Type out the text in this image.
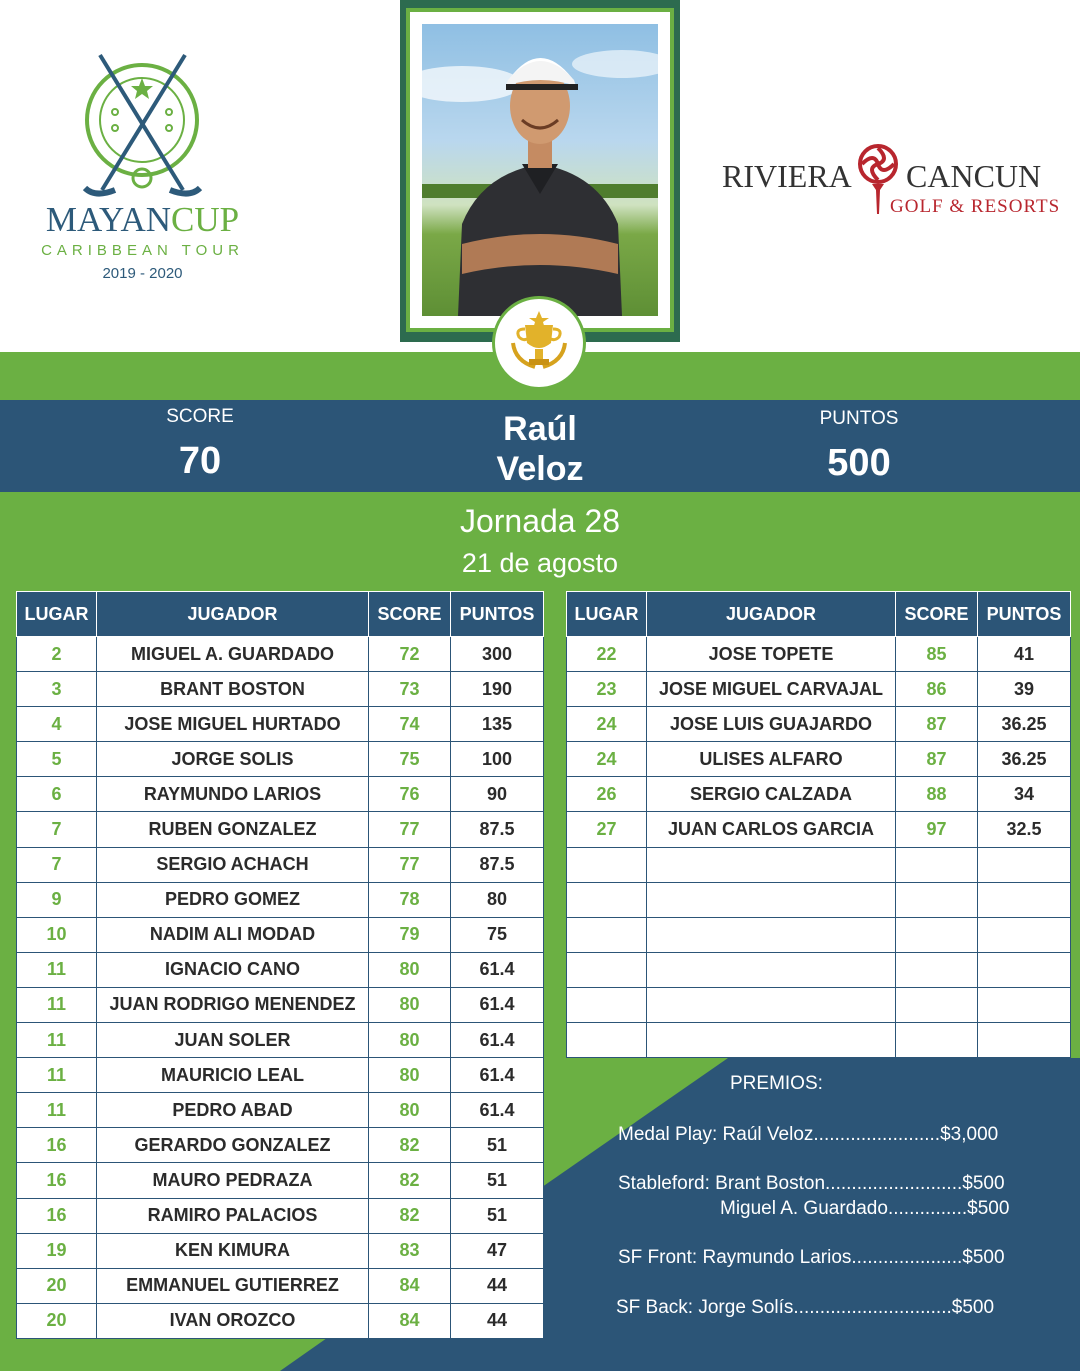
MAYANCUP
CARIBBEAN TOUR
2019 - 2020
RIVIERA CANCUN
GOLF & RESORTS
SCORE
70
Raúl
Veloz
PUNTOS
500
Jornada 28
21 de agosto
LUGAR	JUGADOR	SCORE	PUNTOS
2	MIGUEL A. GUARDADO	72	300
3	BRANT BOSTON	73	190
4	JOSE MIGUEL HURTADO	74	135
5	JORGE SOLIS	75	100
6	RAYMUNDO LARIOS	76	90
7	RUBEN GONZALEZ	77	87.5
7	SERGIO ACHACH	77	87.5
9	PEDRO GOMEZ	78	80
10	NADIM ALI MODAD	79	75
11	IGNACIO CANO	80	61.4
11	JUAN RODRIGO MENENDEZ	80	61.4
11	JUAN SOLER	80	61.4
11	MAURICIO LEAL	80	61.4
11	PEDRO ABAD	80	61.4
16	GERARDO GONZALEZ	82	51
16	MAURO PEDRAZA	82	51
16	RAMIRO PALACIOS	82	51
19	KEN KIMURA	83	47
20	EMMANUEL GUTIERREZ	84	44
20	IVAN OROZCO	84	44
LUGAR	JUGADOR	SCORE	PUNTOS
22	JOSE TOPETE	85	41
23	JOSE MIGUEL CARVAJAL	86	39
24	JOSE LUIS GUAJARDO	87	36.25
24	ULISES ALFARO	87	36.25
26	SERGIO CALZADA	88	34
27	JUAN CARLOS GARCIA	97	32.5

PREMIOS:
Medal Play: Raúl Veloz........................$3,000
Stableford: Brant Boston..........................$500
Miguel A. Guardado...............$500
SF Front: Raymundo Larios.....................$500
SF Back: Jorge Solís..............................$500
